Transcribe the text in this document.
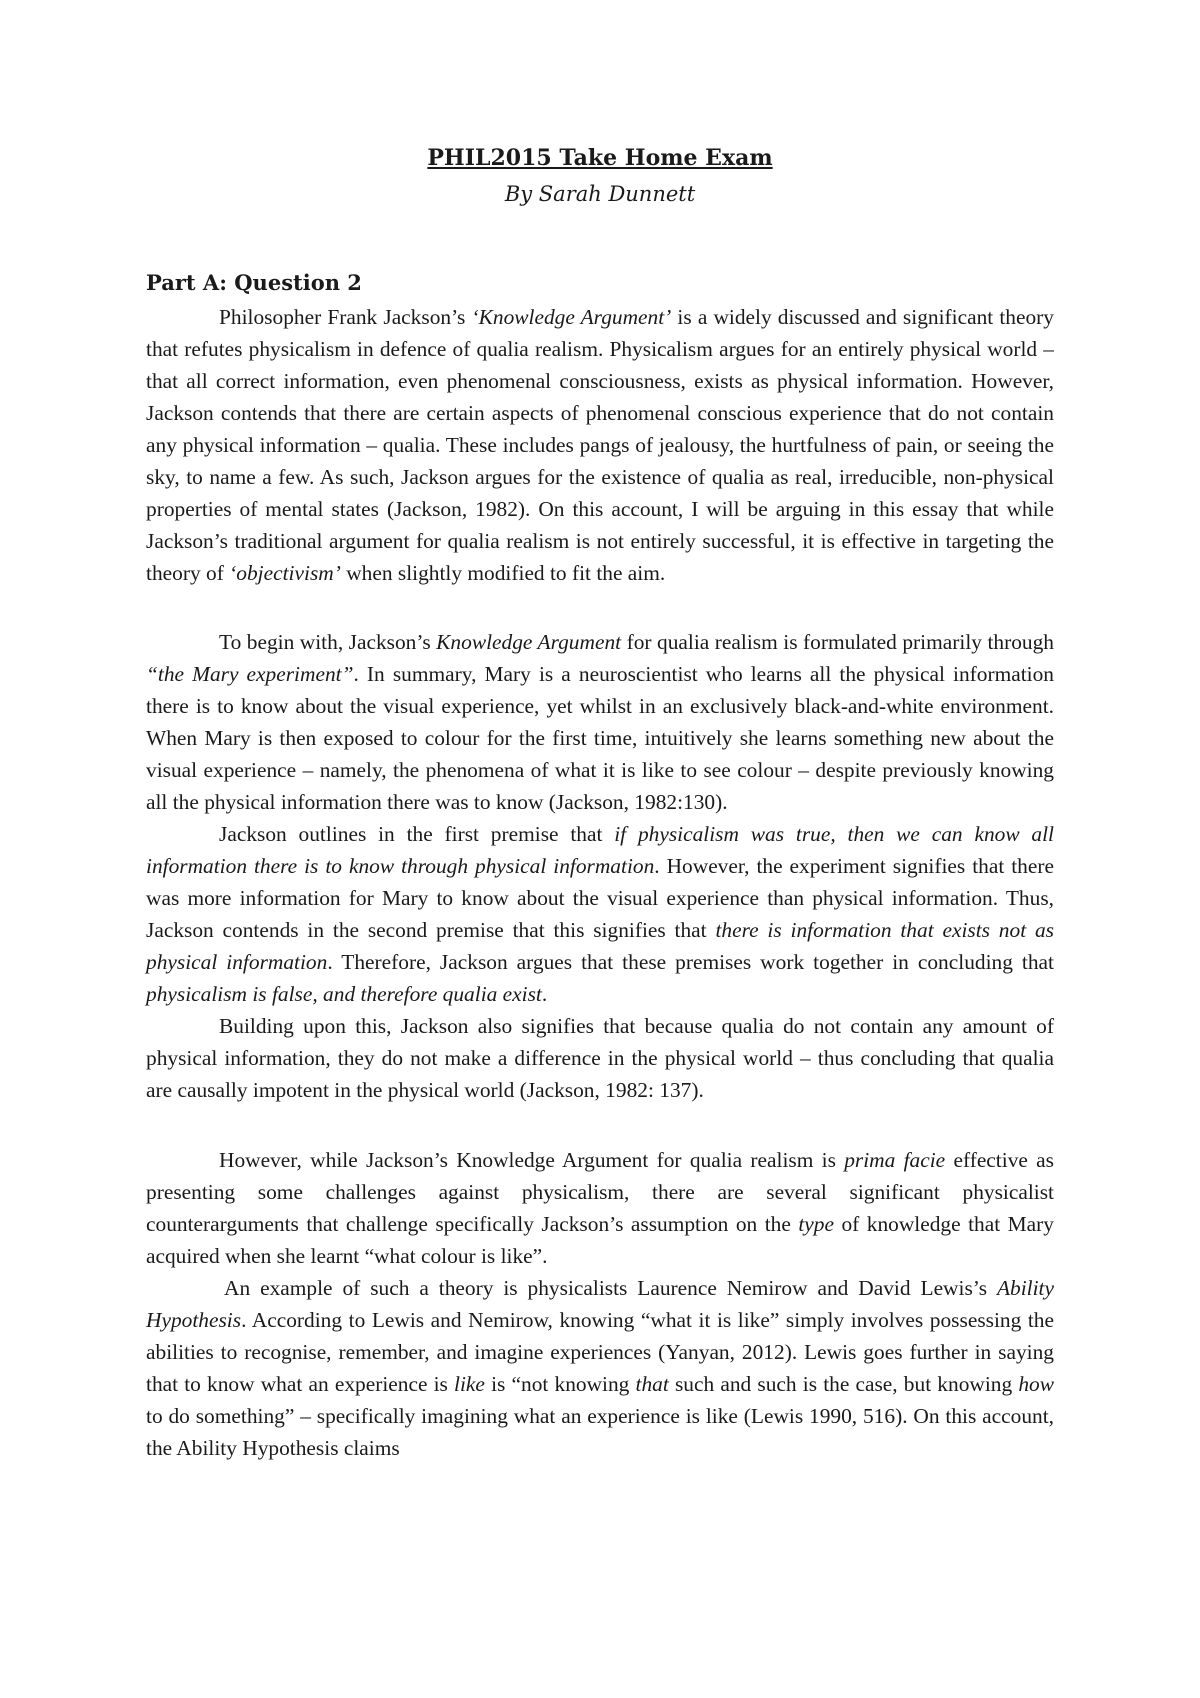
PHIL2015 Take Home Exam
By Sarah Dunnett
Part A: Question 2

Philosopher Frank Jackson’s ‘Knowledge Argument’ is a widely discussed and significant theory that refutes physicalism in defence of qualia realism. Physicalism argues for an entirely physical world – that all correct information, even phenomenal consciousness, exists as physical information. However, Jackson contends that there are certain aspects of phenomenal conscious experience that do not contain any physical information – qualia. These includes pangs of jealousy, the hurtfulness of pain, or seeing the sky, to name a few. As such, Jackson argues for the existence of qualia as real, irreducible, non-physical properties of mental states (Jackson, 1982). On this account, I will be arguing in this essay that while Jackson’s traditional argument for qualia realism is not entirely successful, it is effective in targeting the theory of ‘objectivism’ when slightly modified to fit the aim.

To begin with, Jackson’s Knowledge Argument for qualia realism is formulated primarily through “the Mary experiment”. In summary, Mary is a neuroscientist who learns all the physical information there is to know about the visual experience, yet whilst in an exclusively black-and-white environment. When Mary is then exposed to colour for the first time, intuitively she learns something new about the visual experience – namely, the phenomena of what it is like to see colour – despite previously knowing all the physical information there was to know (Jackson, 1982:130).

Jackson outlines in the first premise that if physicalism was true, then we can know all information there is to know through physical information. However, the experiment signifies that there was more information for Mary to know about the visual experience than physical information. Thus, Jackson contends in the second premise that this signifies that there is information that exists not as physical information. Therefore, Jackson argues that these premises work together in concluding that physicalism is false, and therefore qualia exist.

Building upon this, Jackson also signifies that because qualia do not contain any amount of physical information, they do not make a difference in the physical world – thus concluding that qualia are causally impotent in the physical world (Jackson, 1982: 137).

However, while Jackson’s Knowledge Argument for qualia realism is prima facie effective as presenting some challenges against physicalism, there are several significant physicalist counterarguments that challenge specifically Jackson’s assumption on the type of knowledge that Mary acquired when she learnt “what colour is like”.

An example of such a theory is physicalists Laurence Nemirow and David Lewis’s Ability Hypothesis. According to Lewis and Nemirow, knowing “what it is like” simply involves possessing the abilities to recognise, remember, and imagine experiences (Yanyan, 2012). Lewis goes further in saying that to know what an experience is like is “not knowing that such and such is the case, but knowing how to do something” – specifically imagining what an experience is like (Lewis 1990, 516). On this account, the Ability Hypothesis claims
